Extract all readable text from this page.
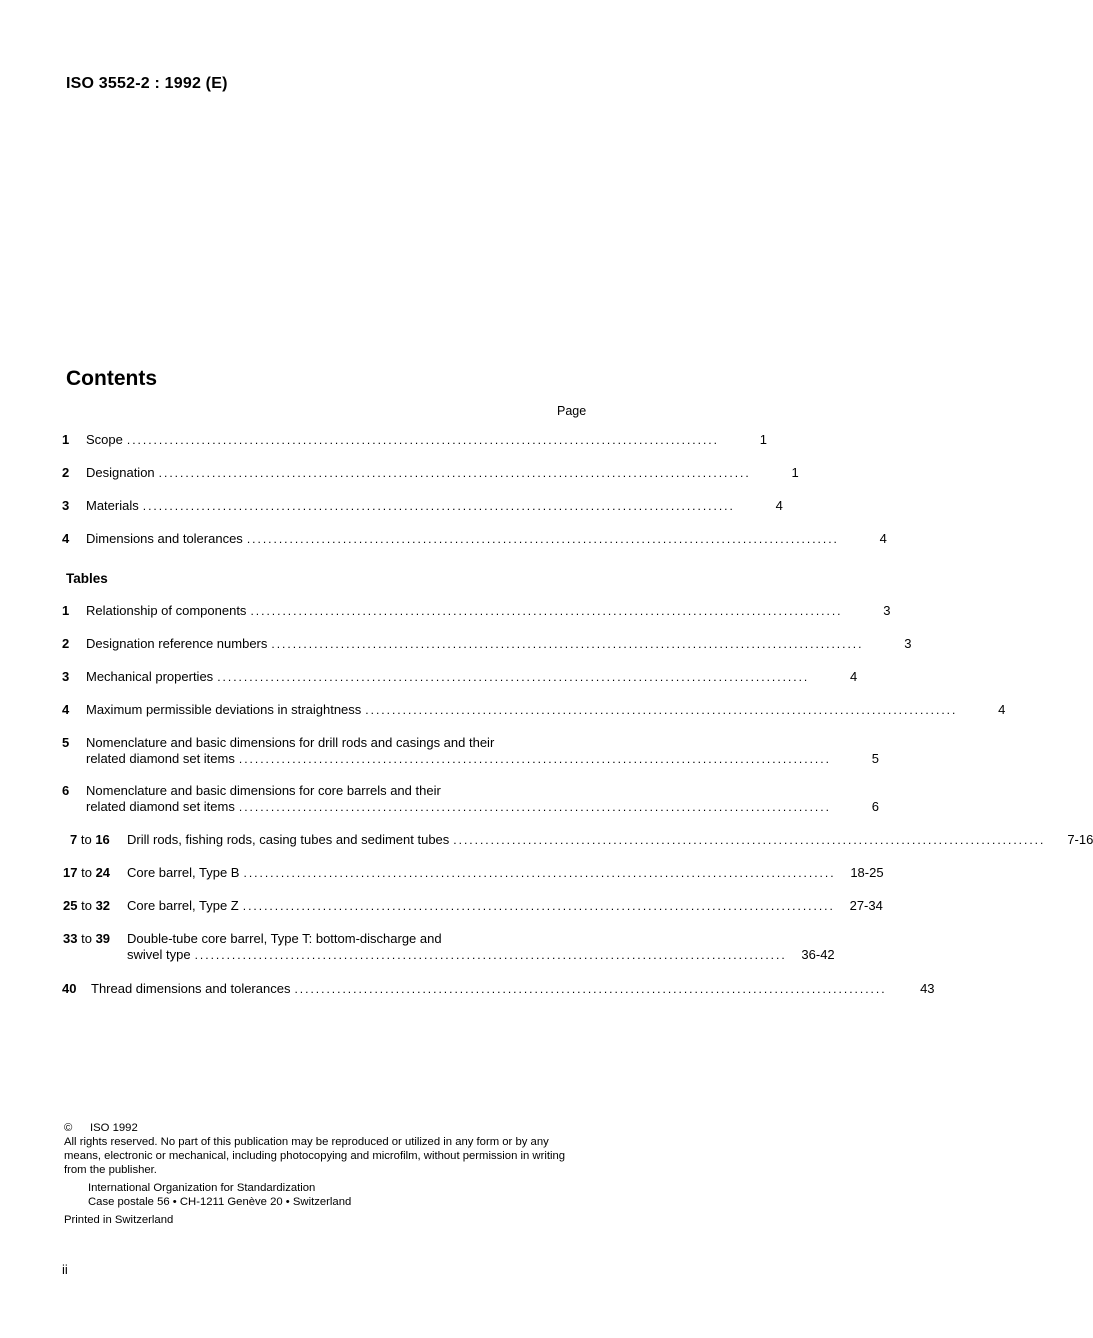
ISO 3552-2 : 1992 (E)
Contents
Page
1 Scope ...............................................................................................................	1
2 Designation ...............................................................................................................	1
3 Materials ...............................................................................................................	4
4 Dimensions and tolerances ...............................................................................................................	4
Tables
1 Relationship of components ...............................................................................................................	3
2 Designation reference numbers ...............................................................................................................	3
3 Mechanical properties ...............................................................................................................	4
4 Maximum permissible deviations in straightness ...............................................................................................................	4
5 Nomenclature and basic dimensions for drill rods and casings and their
related diamond set items ...............................................................................................................	5
6 Nomenclature and basic dimensions for core barrels and their
related diamond set items ...............................................................................................................	6
7 to 16 Drill rods, fishing rods, casing tubes and sediment tubes ...............................................................................................................	7-16
17 to 24 Core barrel, Type B ...............................................................................................................	18-25
25 to 32 Core barrel, Type Z ...............................................................................................................	27-34
33 to 39 Double-tube core barrel, Type T: bottom-discharge and
swivel type ...............................................................................................................	36-42
40 Thread dimensions and tolerances ...............................................................................................................	43
© ISO 1992
All rights reserved. No part of this publication may be reproduced or utilized in any form or by any means, electronic or mechanical, including photocopying and microfilm, without permission in writing from the publisher.
International Organization for Standardization
Case postale 56 • CH-1211 Genève 20 • Switzerland
Printed in Switzerland
ii
